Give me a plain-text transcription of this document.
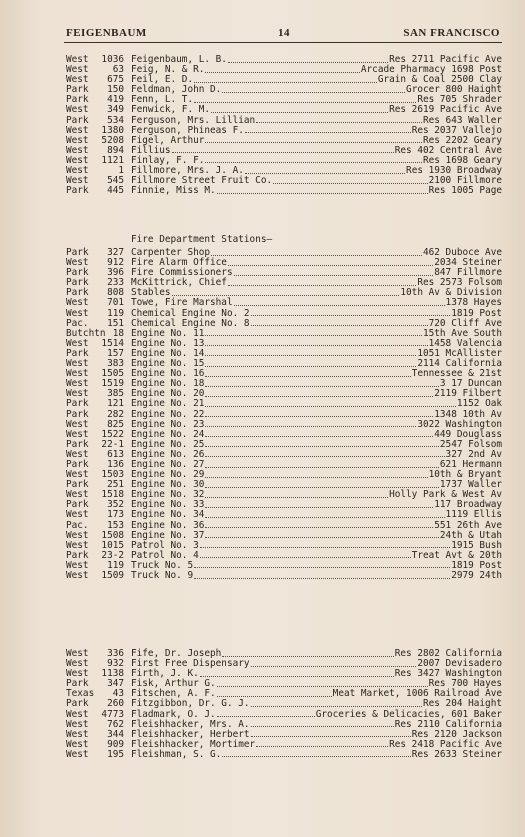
FEIGENBAUM	14	SAN FRANCISCO
West 1036 Feigenbaum, L. B.	Res 2711 Pacific Ave
West	63 Feig, N. & R.	Arcade Pharmacy 1698 Post
West	675 Feil, E. D.	Grain & Coal 2500 Clay
Park	150 Feldman, John D.	Grocer 800 Haight
Park	419 Fenn, L. T.	Res 705 Shrader
West	349 Fenwick, F. M.	Res 2619 Pacific Ave
Park	534 Ferguson, Mrs. Lillian	Res 643 Waller
West 1380 Ferguson, Phineas F.	Res 2037 Vallejo
West 5208 Figel, Arthur	Res 2202 Geary
West	894 Fillius	Res 402 Central Ave
West 1121 Finlay, F. F.	Res 1698 Geary
West	1 Fillmore, Mrs. J. A.	Res 1930 Broadway
West	545 Fillmore Street Fruit Co.	2100 Fillmore
Park	445 Finnie, Miss M.	Res 1005 Page
Fire Department Stations—
Park	327 Carpenter Shop	462 Duboce Ave
West	912 Fire Alarm Office	2034 Steiner
Park	396 Fire Commissioners	847 Fillmore
Park	233 McKittrick, Chief	Res 2573 Folsom
Park	808 Stables	10th Av & Division
West	701 Towe, Fire Marshal	1378 Hayes
West	119 Chemical Engine No. 2	1819 Post
Pac.	151 Chemical Engine No. 8	720 Cliff Ave
Butchtn 18 Engine No. 11	15th Ave South
West 1514 Engine No. 13	1458 Valencia
Park	157 Engine No. 14	1051 McAllister
West	383 Engine No. 15	2114 California
West 1505 Engine No. 16	Tennessee & 21st
West 1519 Engine No. 18	3 17 Duncan
West	385 Engine No. 20	2119 Filbert
Park	121 Engine No. 21	1152 Oak
Park	282 Engine No. 22	1348 10th Av
West	825 Engine No. 23	3022 Washington
West 1522 Engine No. 24	449 Douglass
Park 22-1 Engine No. 25	2547 Folsom
West	613 Engine No. 26	327 2nd Av
Park	136 Engine No. 27	621 Hermann
West 1503 Engine No. 29	10th & Bryant
Park	251 Engine No. 30	1737 Waller
West 1518 Engine No. 32	Holly Park & West Av
Park	352 Engine No. 33	117 Broadway
West	173 Engine No. 34	1119 Ellis
Pac.	153 Engine No. 36	551 26th Ave
West 1508 Engine No. 37	24th & Utah
West 1015 Patrol No. 3	1915 Bush
Park 23-2 Patrol No. 4	Treat Avt & 20th
West	119 Truck No. 5	1819 Post
West 1509 Truck No. 9	2979 24th
West	336 Fife, Dr. Joseph	Res 2802 California
West	932 First Free Dispensary	2007 Devisadero
West 1138 Firth, J. K.	Res 3427 Washington
Park	347 Fisk, Arthur G.	Res 700 Hayes
Texas	43 Fitschen, A. F.	Meat Market, 1006 Railroad Ave
Park	260 Fitzgibbon, Dr. G. J.	Res 204 Haight
West 4773 Fladmark, O. J.	Groceries & Delicacies, 601 Baker
West	762 Fleishhacker, Mrs. A.	Res 2110 California
West	344 Fleishhacker, Herbert	Res 2120 Jackson
West	909 Fleishhacker, Mortimer	Res 2418 Pacific Ave
West	195 Fleishman, S. G.	Res 2633 Steiner
